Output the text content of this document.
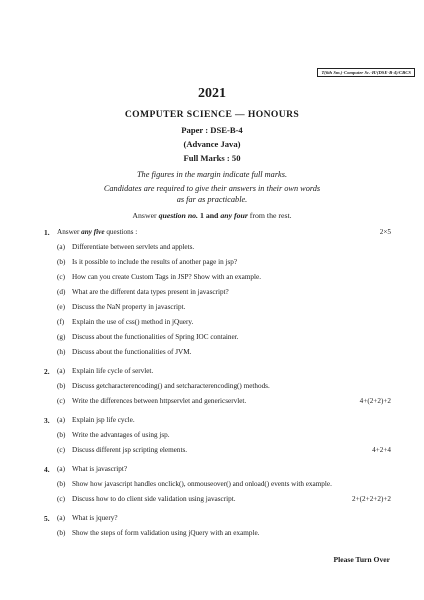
T(6th Sm.)-Computer Sc.-H/(DSE-B-4)/CBCS
2021
COMPUTER SCIENCE — HONOURS
Paper : DSE-B-4
(Advance Java)
Full Marks : 50
The figures in the margin indicate full marks.
Candidates are required to give their answers in their own words
as far as practicable.
Answer question no. 1 and any four from the rest.
1. Answer any five questions :	2×5
(a) Differentiate between servlets and applets.
(b) Is it possible to include the results of another page in jsp?
(c) How can you create Custom Tags in JSP? Show with an example.
(d) What are the different data types present in javascript?
(e) Discuss the NaN property in javascript.
(f) Explain the use of css() method in jQuery.
(g) Discuss about the functionalities of Spring IOC container.
(h) Discuss about the functionalities of JVM.
2. (a) Explain life cycle of servlet.
(b) Discuss getcharacterencoding() and setcharacterencoding() methods.
(c) Write the differences between httpservlet and genericservlet.	4+(2+2)+2
3. (a) Explain jsp life cycle.
(b) Write the advantages of using jsp.
(c) Discuss different jsp scripting elements.	4+2+4
4. (a) What is javascript?
(b) Show how javascript handles onclick(), onmouseover() and onload() events with example.
(c) Discuss how to do client side validation using javascript.	2+(2+2+2)+2
5. (a) What is jquery?
(b) Show the steps of form validation using jQuery with an example.
Please Turn Over
